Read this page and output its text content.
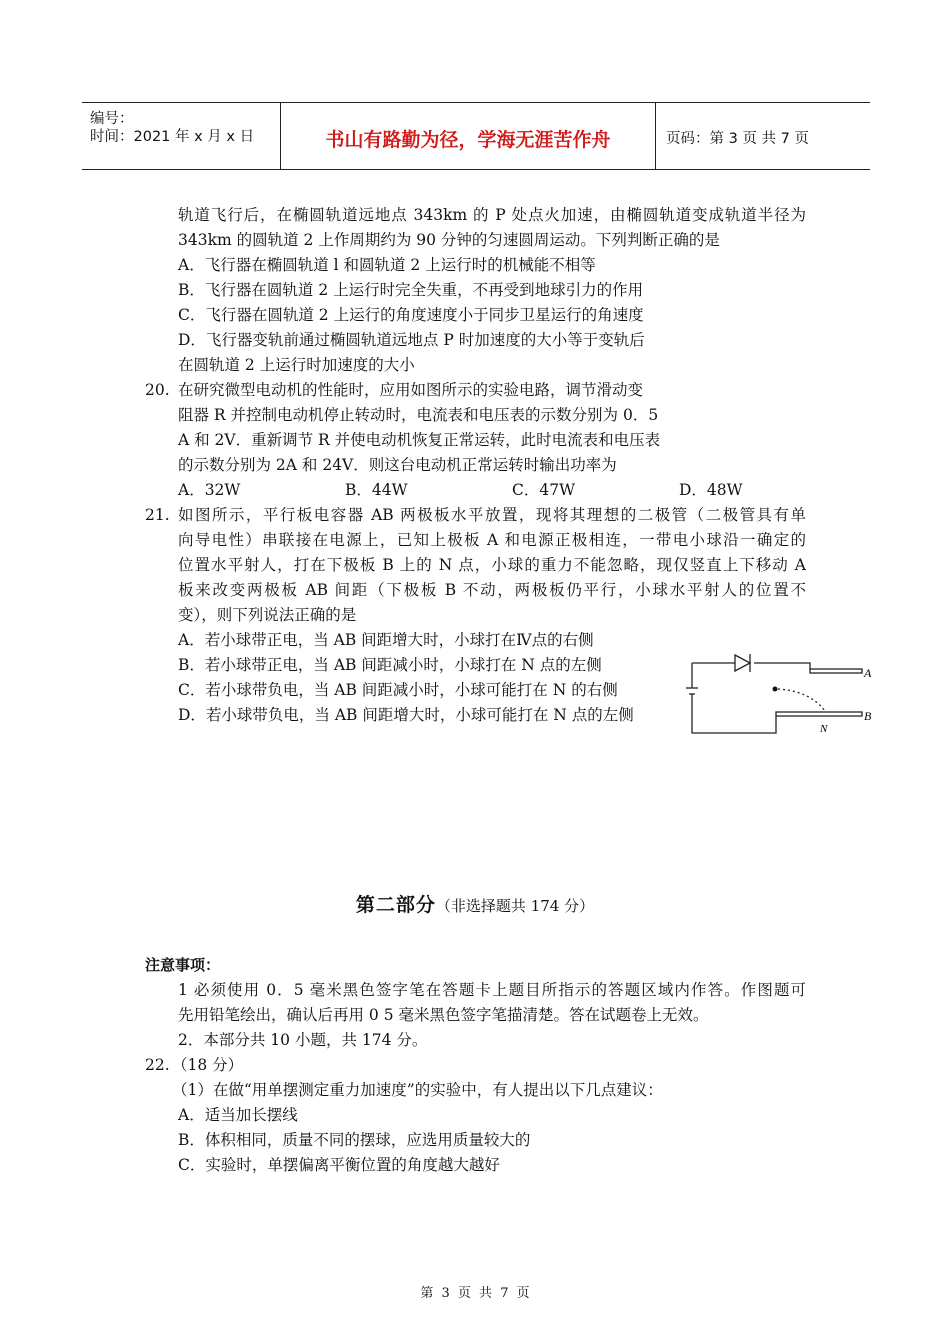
编号：
时间：2021 年 x 月 x 日	书山有路勤为径，学海无涯苦作舟	页码：第 3 页 共 7 页
轨道飞行后，在椭圆轨道远地点 343km 的 P 处点火加速，由椭圆轨道变成轨道半径为
343km 的圆轨道 2 上作周期约为 90 分钟的匀速圆周运动。下列判断正确的是
A．飞行器在椭圆轨道 l 和圆轨道 2 上运行时的机械能不相等
B．飞行器在圆轨道 2 上运行时完全失重，不再受到地球引力的作用
C．飞行器在圆轨道 2 上运行的角度速度小于同步卫星运行的角速度
D．飞行器变轨前通过椭圆轨道远地点 P 时加速度的大小等于变轨后
在圆轨道 2 上运行时加速度的大小
20. 在研究微型电动机的性能时，应用如图所示的实验电路，调节滑动变
阻器 R 并控制电动机停止转动时，电流表和电压表的示数分别为 0．5
A 和 2V．重新调节 R 并使电动机恢复正常运转，此时电流表和电压表
的示数分别为 2A 和 24V．则这台电动机正常运转时输出功率为
A．32W	B．44W	C．47W	D．48W
21. 如图所示，平行板电容器 AB 两极板水平放置，现将其理想的二极管（二极管具有单
向导电性）串联接在电源上，已知上极板 A 和电源正极相连，一带电小球沿一确定的
位置水平射人，打在下极板 B 上的 N 点，小球的重力不能忽略，现仅竖直上下移动 A
板来改变两极板 AB 间距（下极板 B 不动，两极板仍平行，小球水平射人的位置不
变），则下列说法正确的是
A．若小球带正电，当 AB 间距增大时，小球打在Ⅳ点的右侧
B．若小球带正电，当 AB 间距减小时，小球打在 N 点的左侧
C．若小球带负电，当 AB 间距减小时，小球可能打在 N 的右侧
D．若小球带负电，当 AB 间距增大时，小球可能打在 N 点的左侧
A
B
N
第二部分（非选择题共 174 分）
注意事项：
1 必须使用 0．5 毫米黑色签字笔在答题卡上题目所指示的答题区域内作答。作图题可
先用铅笔绘出，确认后再用 0 5 毫米黑色签字笔描清楚。答在试题卷上无效。
2．本部分共 10 小题，共 174 分。
22. （18 分）
（1）在做“用单摆测定重力加速度”的实验中，有人提出以下几点建议：
A．适当加长摆线
B．体积相同，质量不同的摆球，应选用质量较大的
C．实验时，单摆偏离平衡位置的角度越大越好
第 3 页 共 7 页
